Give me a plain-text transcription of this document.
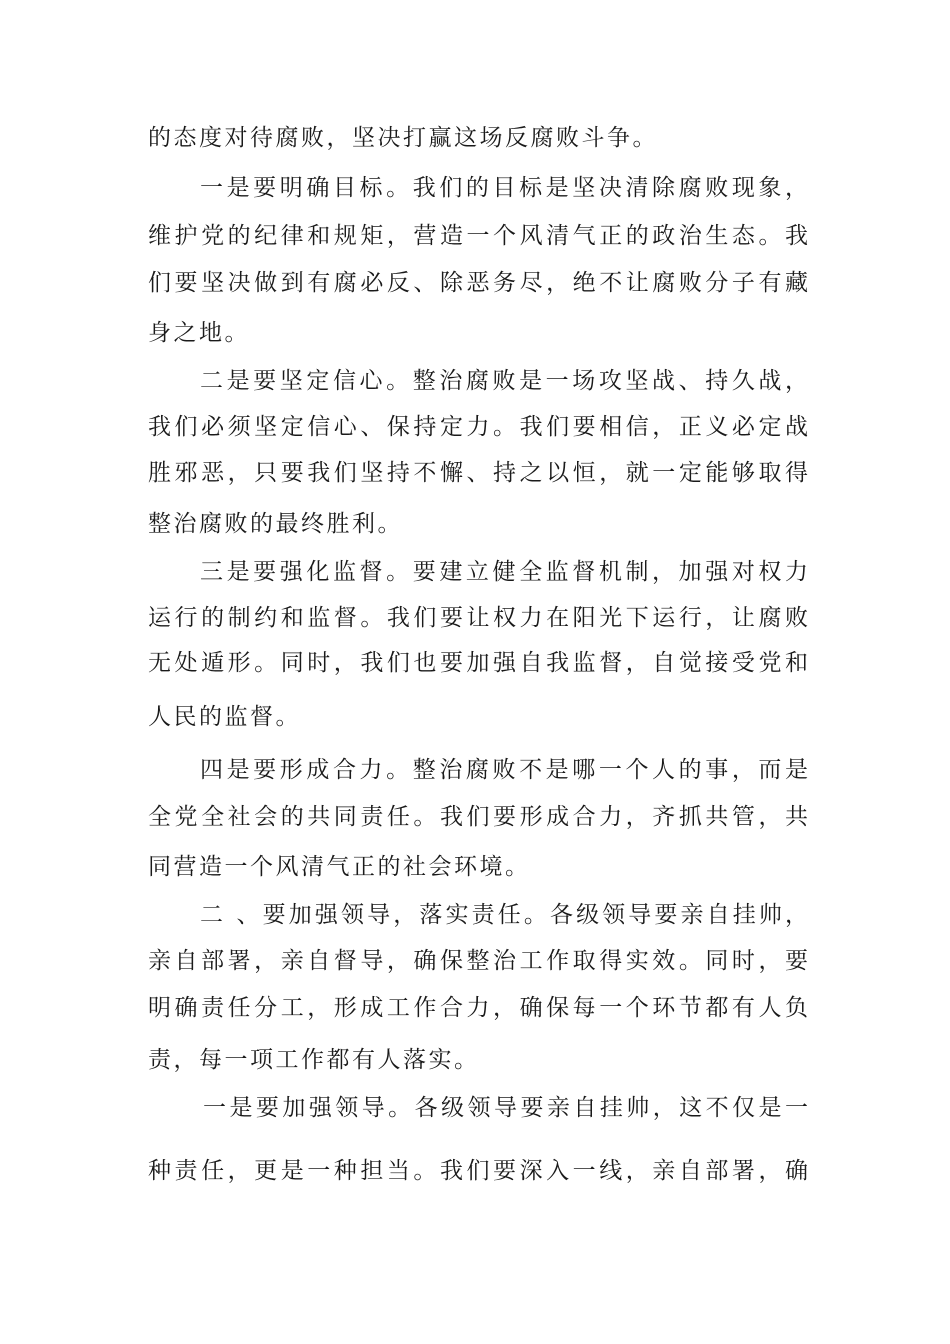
的态度对待腐败，坚决打赢这场反腐败斗争。
一是要明确目标。我们的目标是坚决清除腐败现象，
维护党的纪律和规矩，营造一个风清气正的政治生态。我
们要坚决做到有腐必反、除恶务尽，绝不让腐败分子有藏
身之地。
二是要坚定信心。整治腐败是一场攻坚战、持久战，
我们必须坚定信心、保持定力。我们要相信，正义必定战
胜邪恶，只要我们坚持不懈、持之以恒，就一定能够取得
整治腐败的最终胜利。
三是要强化监督。要建立健全监督机制，加强对权力
运行的制约和监督。我们要让权力在阳光下运行，让腐败
无处遁形。同时，我们也要加强自我监督，自觉接受党和
人民的监督。
四是要形成合力。整治腐败不是哪一个人的事，而是
全党全社会的共同责任。我们要形成合力，齐抓共管，共
同营造一个风清气正的社会环境。
二 、要加强领导，落实责任。各级领导要亲自挂帅，
亲自部署，亲自督导，确保整治工作取得实效。同时，要
明确责任分工，形成工作合力，确保每一个环节都有人负
责，每一项工作都有人落实。
一是要加强领导。各级领导要亲自挂帅，这不仅是一
种责任，更是一种担当。我们要深入一线，亲自部署，确
